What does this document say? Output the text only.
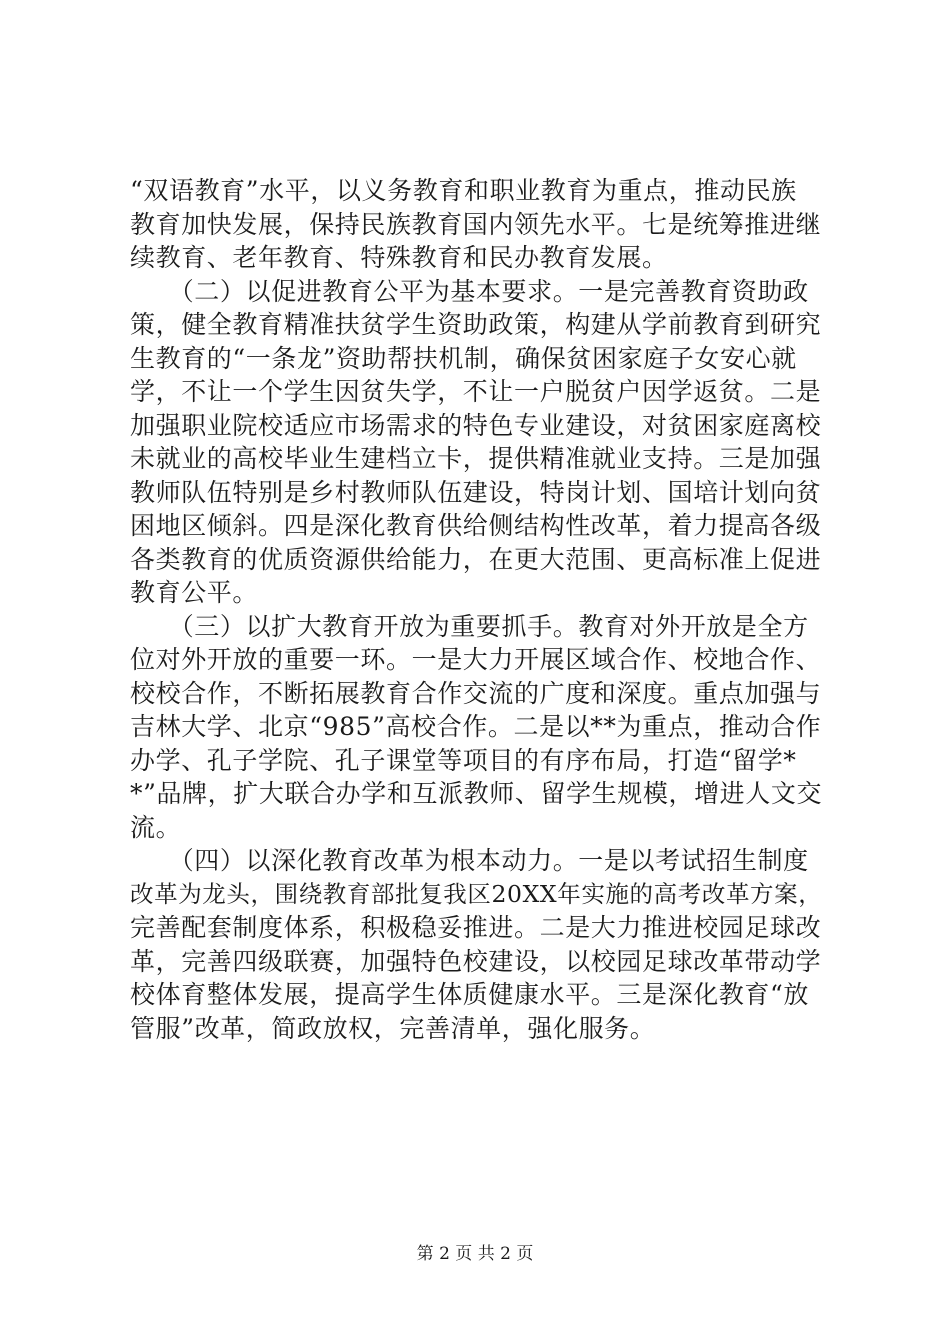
“双语教育”水平，以义务教育和职业教育为重点，推动民族
教育加快发展，保持民族教育国内领先水平。七是统筹推进继
续教育、老年教育、特殊教育和民办教育发展。
　　（二）以促进教育公平为基本要求。一是完善教育资助政
策，健全教育精准扶贫学生资助政策，构建从学前教育到研究
生教育的“一条龙”资助帮扶机制，确保贫困家庭子女安心就
学，不让一个学生因贫失学，不让一户脱贫户因学返贫。二是
加强职业院校适应市场需求的特色专业建设，对贫困家庭离校
未就业的高校毕业生建档立卡，提供精准就业支持。三是加强
教师队伍特别是乡村教师队伍建设，特岗计划、国培计划向贫
困地区倾斜。四是深化教育供给侧结构性改革，着力提高各级
各类教育的优质资源供给能力，在更大范围、更高标准上促进
教育公平。
　　（三）以扩大教育开放为重要抓手。教育对外开放是全方
位对外开放的重要一环。一是大力开展区域合作、校地合作、
校校合作，不断拓展教育合作交流的广度和深度。重点加强与
吉林大学、北京“985”高校合作。二是以**为重点，推动合作
办学、孔子学院、孔子课堂等项目的有序布局，打造“留学*
*”品牌，扩大联合办学和互派教师、留学生规模，增进人文交
流。
　　（四）以深化教育改革为根本动力。一是以考试招生制度
改革为龙头，围绕教育部批复我区20XX年实施的高考改革方案，
完善配套制度体系，积极稳妥推进。二是大力推进校园足球改
革，完善四级联赛，加强特色校建设，以校园足球改革带动学
校体育整体发展，提高学生体质健康水平。三是深化教育“放
管服”改革，简政放权，完善清单，强化服务。
第 2 页 共 2 页
